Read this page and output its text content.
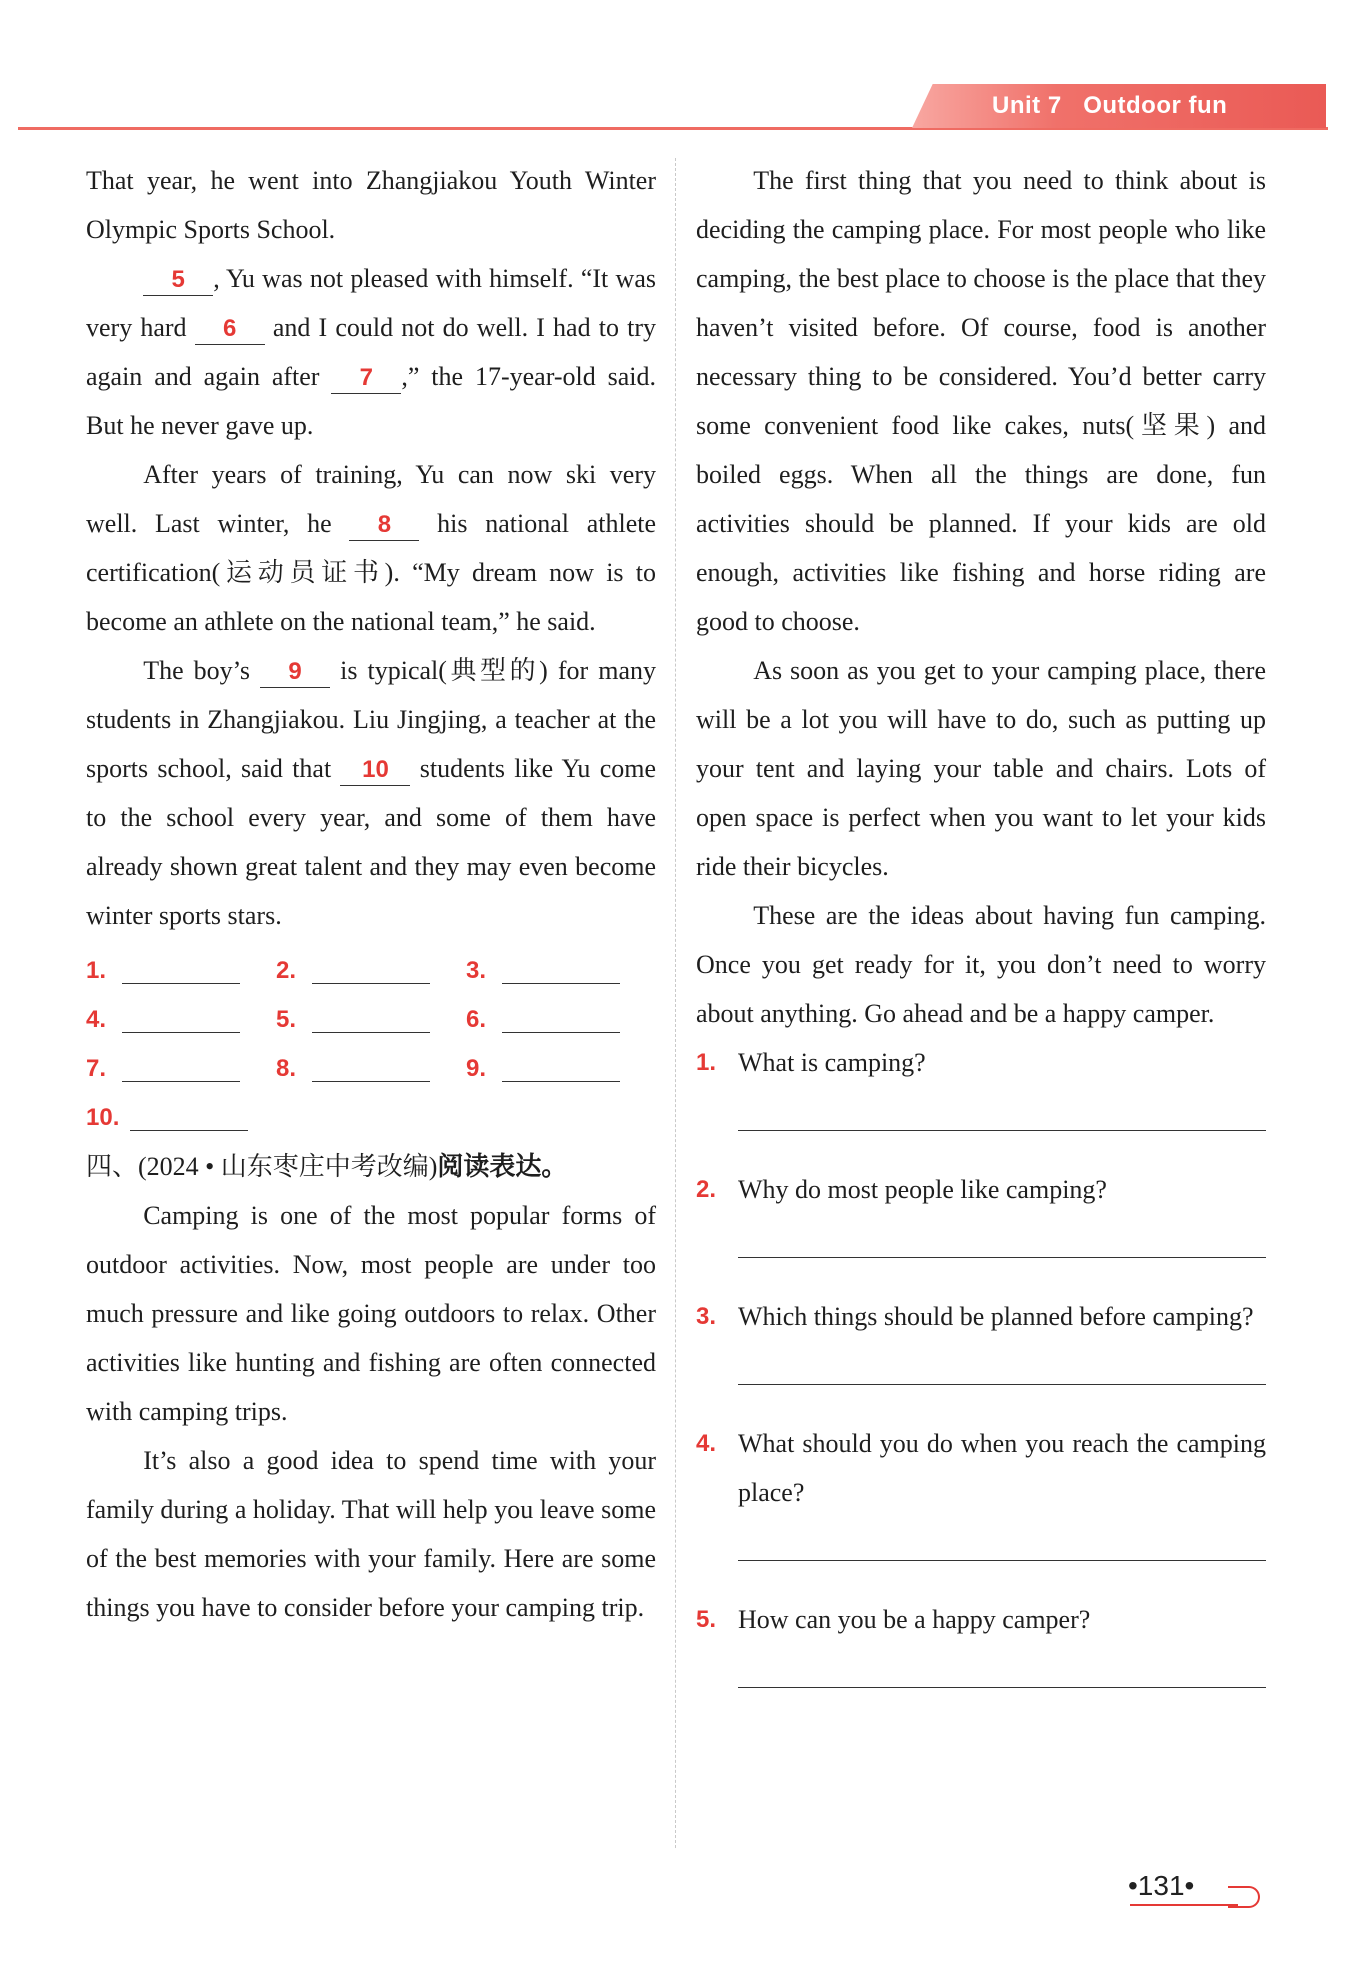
Unit 7 Outdoor fun

That year, he went into Zhangjiakou Youth Winter Olympic Sports School.

5 , Yu was not pleased with himself. “It was very hard 6 and I could not do well. I had to try again and again after 7 ,” the 17-year-old said. But he never gave up.

After years of training, Yu can now ski very well. Last winter, he 8 his national athlete certification(运动员证书). “My dream now is to become an athlete on the national team,” he said.

The boy’s 9 is typical(典型的) for many students in Zhangjiakou. Liu Jingjing, a teacher at the sports school, said that 10 students like Yu come to the school every year, and some of them have already shown great talent and they may even become winter sports stars.

1.	2.	3.
4.	5.	6.
7.	8.	9.
10.
四、(2024 • 山东枣庄中考改编)阅读表达。

Camping is one of the most popular forms of outdoor activities. Now, most people are under too much pressure and like going outdoors to relax. Other activities like hunting and fishing are often connected with camping trips.

It’s also a good idea to spend time with your family during a holiday. That will help you leave some of the best memories with your family. Here are some things you have to consider before your camping trip.

The first thing that you need to think about is deciding the camping place. For most people who like camping, the best place to choose is the place that they haven’t visited before. Of course, food is another necessary thing to be considered. You’d better carry some convenient food like cakes, nuts(坚果) and boiled eggs. When all the things are done, fun activities should be planned. If your kids are old enough, activities like fishing and horse riding are good to choose.

As soon as you get to your camping place, there will be a lot you will have to do, such as putting up your tent and laying your table and chairs. Lots of open space is perfect when you want to let your kids ride their bicycles.

These are the ideas about having fun camping. Once you get ready for it, you don’t need to worry about anything. Go ahead and be a happy camper.

1. What is camping?
2. Why do most people like camping?
3. Which things should be planned before camping?
4. What should you do when you reach the camping place?
5. How can you be a happy camper?
•131•
